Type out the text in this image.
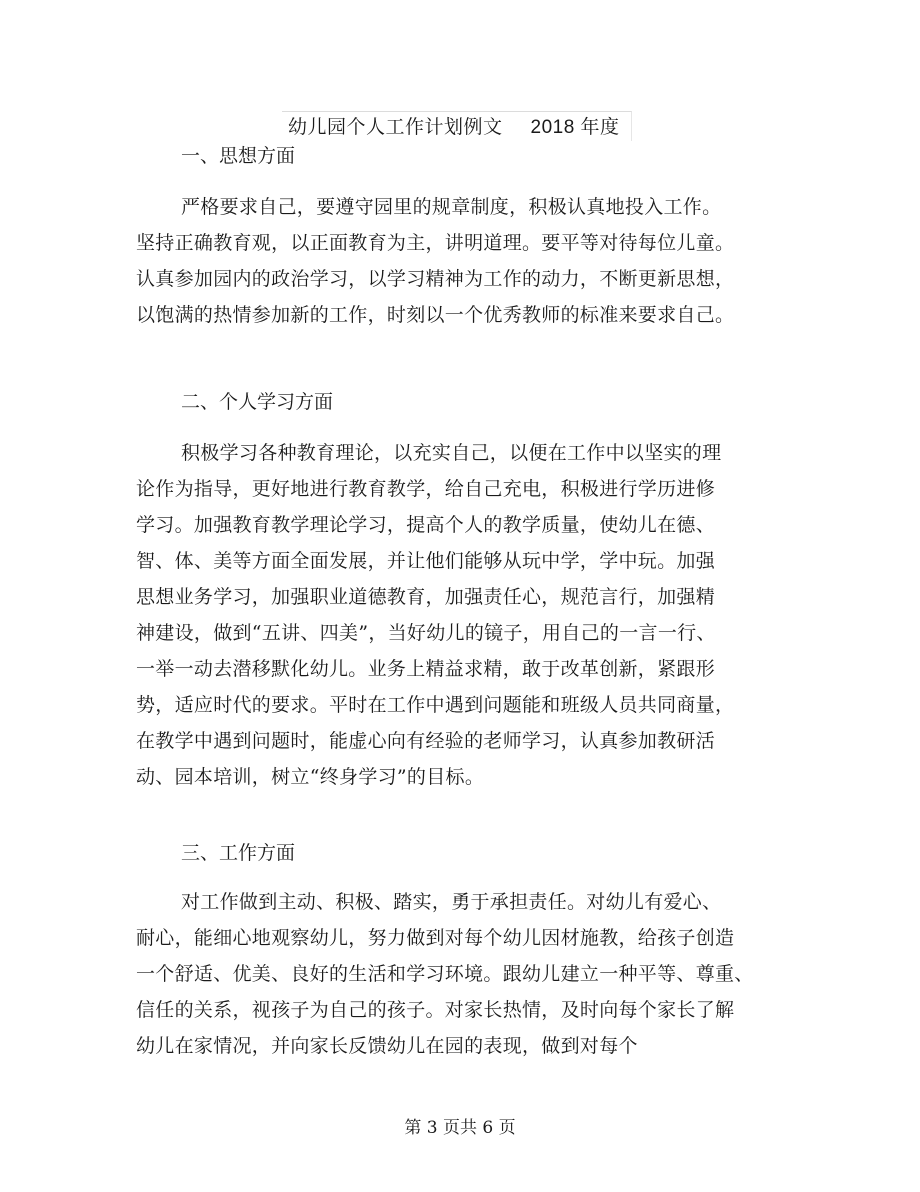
幼儿园个人工作计划例文 2018 年度
一、思想方面
严格要求自己，要遵守园里的规章制度，积极认真地投入工作。
坚持正确教育观，以正面教育为主，讲明道理。要平等对待每位儿童。
认真参加园内的政治学习，以学习精神为工作的动力，不断更新思想，
以饱满的热情参加新的工作，时刻以一个优秀教师的标准来要求自己。
二、个人学习方面
积极学习各种教育理论，以充实自己，以便在工作中以坚实的理
论作为指导，更好地进行教育教学，给自己充电，积极进行学历进修
学习。加强教育教学理论学习，提高个人的教学质量，使幼儿在德、
智、体、美等方面全面发展，并让他们能够从玩中学，学中玩。加强
思想业务学习，加强职业道德教育，加强责任心，规范言行，加强精
神建设，做到“五讲、四美”，当好幼儿的镜子，用自己的一言一行、
一举一动去潜移默化幼儿。业务上精益求精，敢于改革创新，紧跟形
势，适应时代的要求。平时在工作中遇到问题能和班级人员共同商量，
在教学中遇到问题时，能虚心向有经验的老师学习，认真参加教研活
动、园本培训，树立“终身学习”的目标。
三、工作方面
对工作做到主动、积极、踏实，勇于承担责任。对幼儿有爱心、
耐心，能细心地观察幼儿，努力做到对每个幼儿因材施教，给孩子创造
一个舒适、优美、良好的生活和学习环境。跟幼儿建立一种平等、尊重、
信任的关系，视孩子为自己的孩子。对家长热情，及时向每个家长了解
幼儿在家情况，并向家长反馈幼儿在园的表现，做到对每个
第 3 页共 6 页
